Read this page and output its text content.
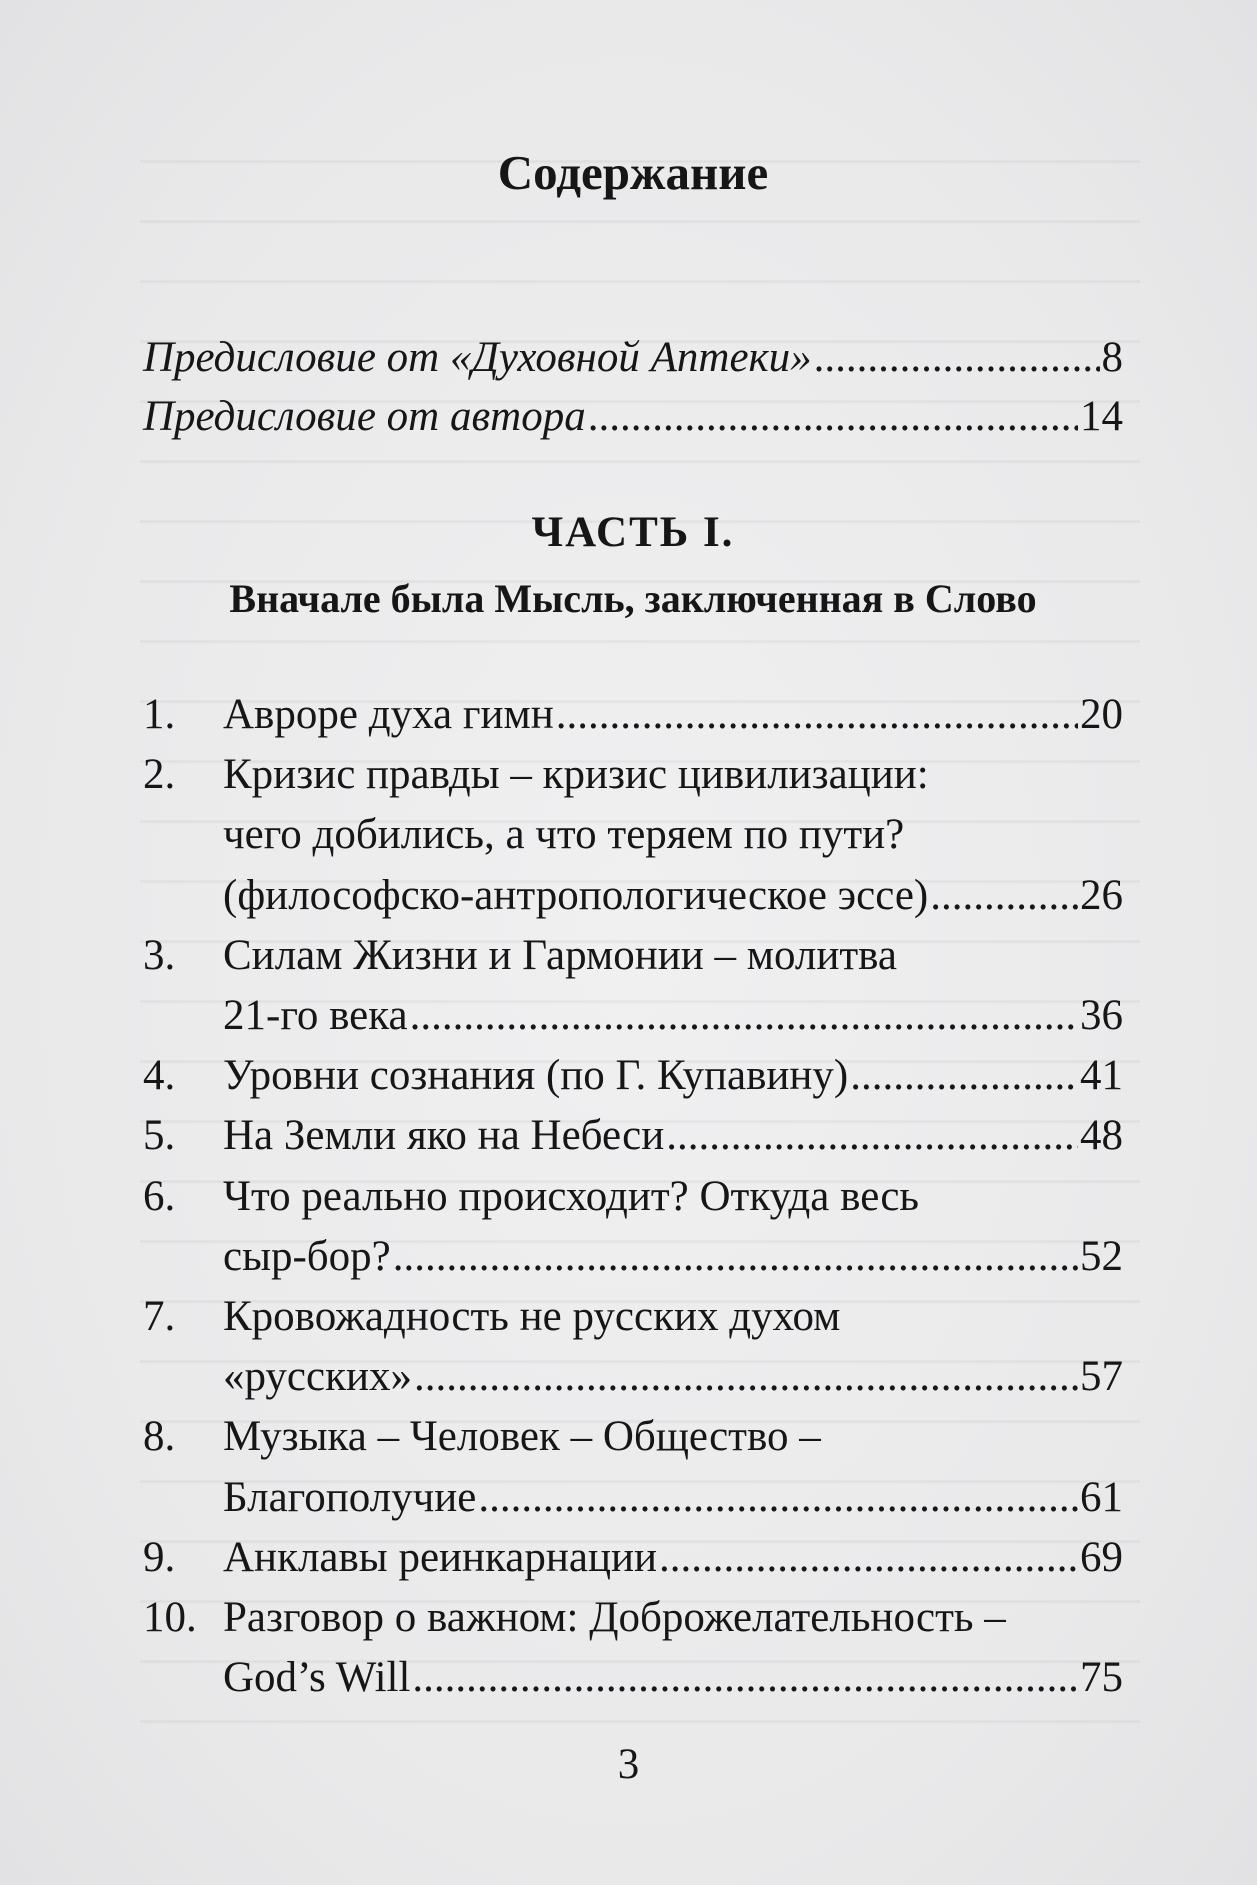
Содержание
Предисловие от «Духовной Аптеки» .....	8
Предисловие от автора .....	14
ЧАСТЬ I.
Вначале была Мысль, заключенная в Слово
1. Авроре духа гимн .....	20
2. Кризис правды – кризис цивилизации:
чего добились, а что теряем по пути?
(философско-антропологическое эссе) .....	26
3. Силам Жизни и Гармонии – молитва
21-го века .....	36
4. Уровни сознания (по Г. Купавину) .....	41
5. На Земли яко на Небеси .....	48
6. Что реально происходит? Откуда весь
сыр-бор? .....	52
7. Кровожадность не русских духом
«русских» .....	57
8. Музыка – Человек – Общество –
Благополучие .....	61
9. Анклавы реинкарнации .....	69
10. Разговор о важном: Доброжелательность –
God’s Will .....	75
3
